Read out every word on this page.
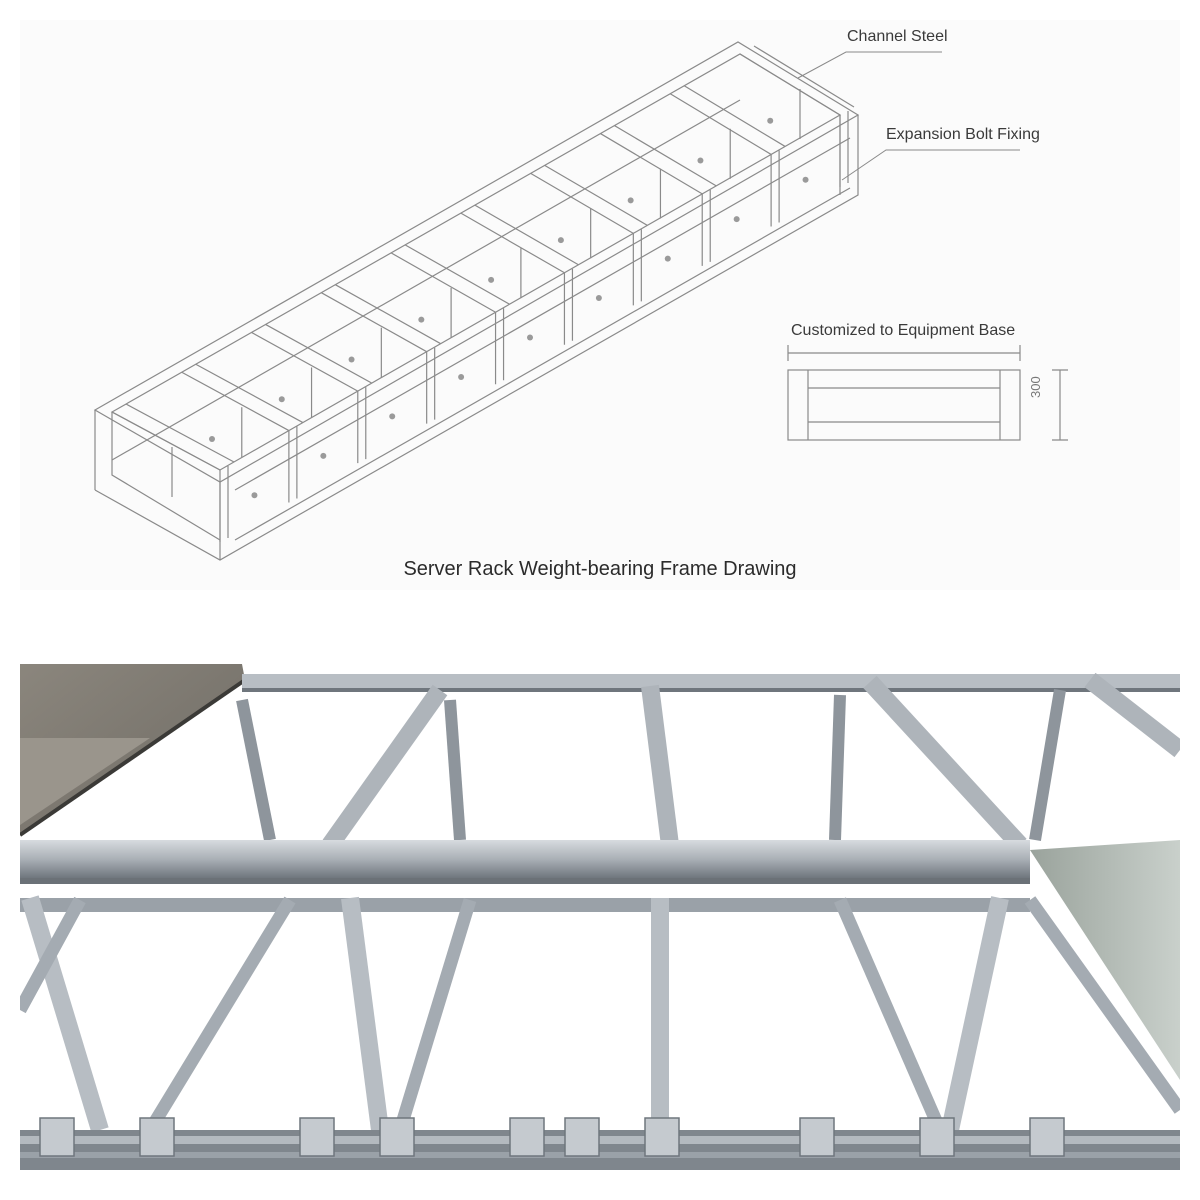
Channel Steel
Expansion Bolt Fixing
Customized to Equipment Base
300
Server Rack Weight-bearing Frame Drawing
